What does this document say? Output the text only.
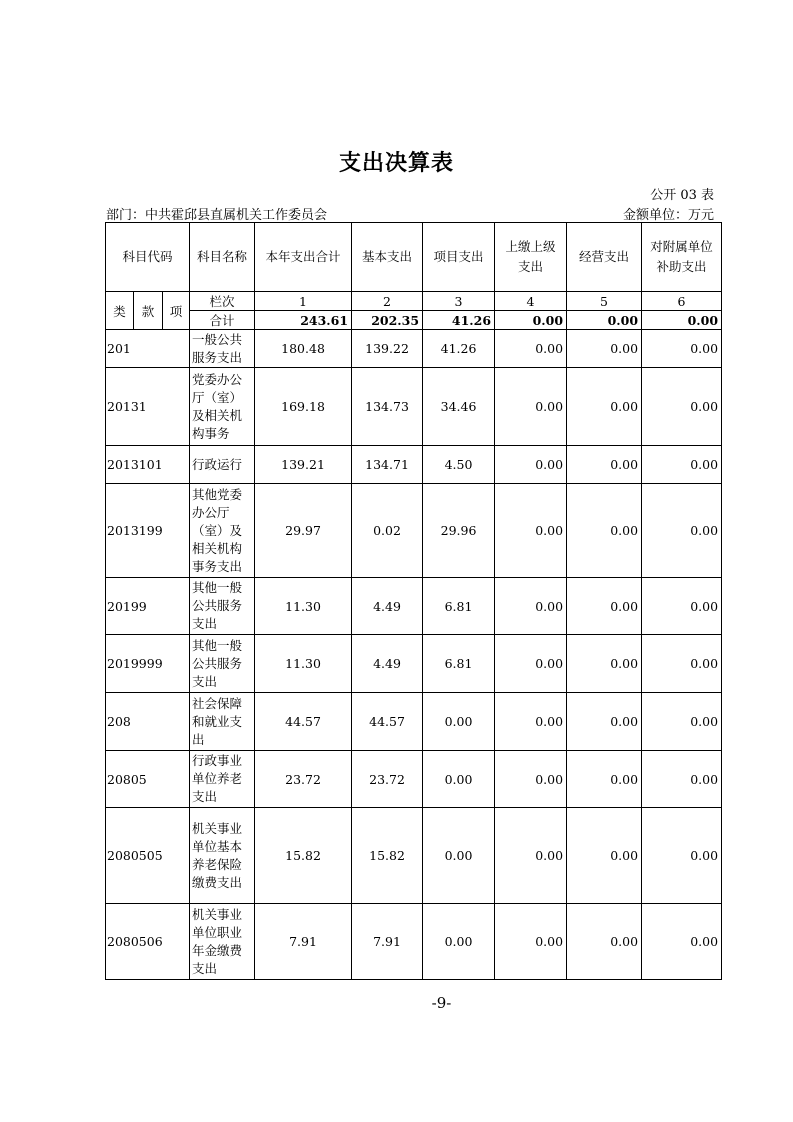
支出决算表
公开 03 表
部门：中共霍邱县直属机关工作委员会	金额单位：万元
科目代码			科目名称	本年支出合计	基本支出	项目支出	上缴上级支出	经营支出	对附属单位补助支出
类	款	项	栏次	1	2	3	4	5	6
			合计	243.61	202.35	41.26	0.00	0.00	0.00
201			一般公共服务支出	180.48	139.22	41.26	0.00	0.00	0.00
20131			党委办公厅（室）及相关机构事务	169.18	134.73	34.46	0.00	0.00	0.00
2013101			行政运行	139.21	134.71	4.50	0.00	0.00	0.00
2013199			其他党委办公厅（室）及相关机构事务支出	29.97	0.02	29.96	0.00	0.00	0.00
20199			其他一般公共服务支出	11.30	4.49	6.81	0.00	0.00	0.00
2019999			其他一般公共服务支出	11.30	4.49	6.81	0.00	0.00	0.00
208			社会保障和就业支出	44.57	44.57	0.00	0.00	0.00	0.00
20805			行政事业单位养老支出	23.72	23.72	0.00	0.00	0.00	0.00
2080505			机关事业单位基本养老保险缴费支出	15.82	15.82	0.00	0.00	0.00	0.00
2080506			机关事业单位职业年金缴费支出	7.91	7.91	0.00	0.00	0.00	0.00
-9-
